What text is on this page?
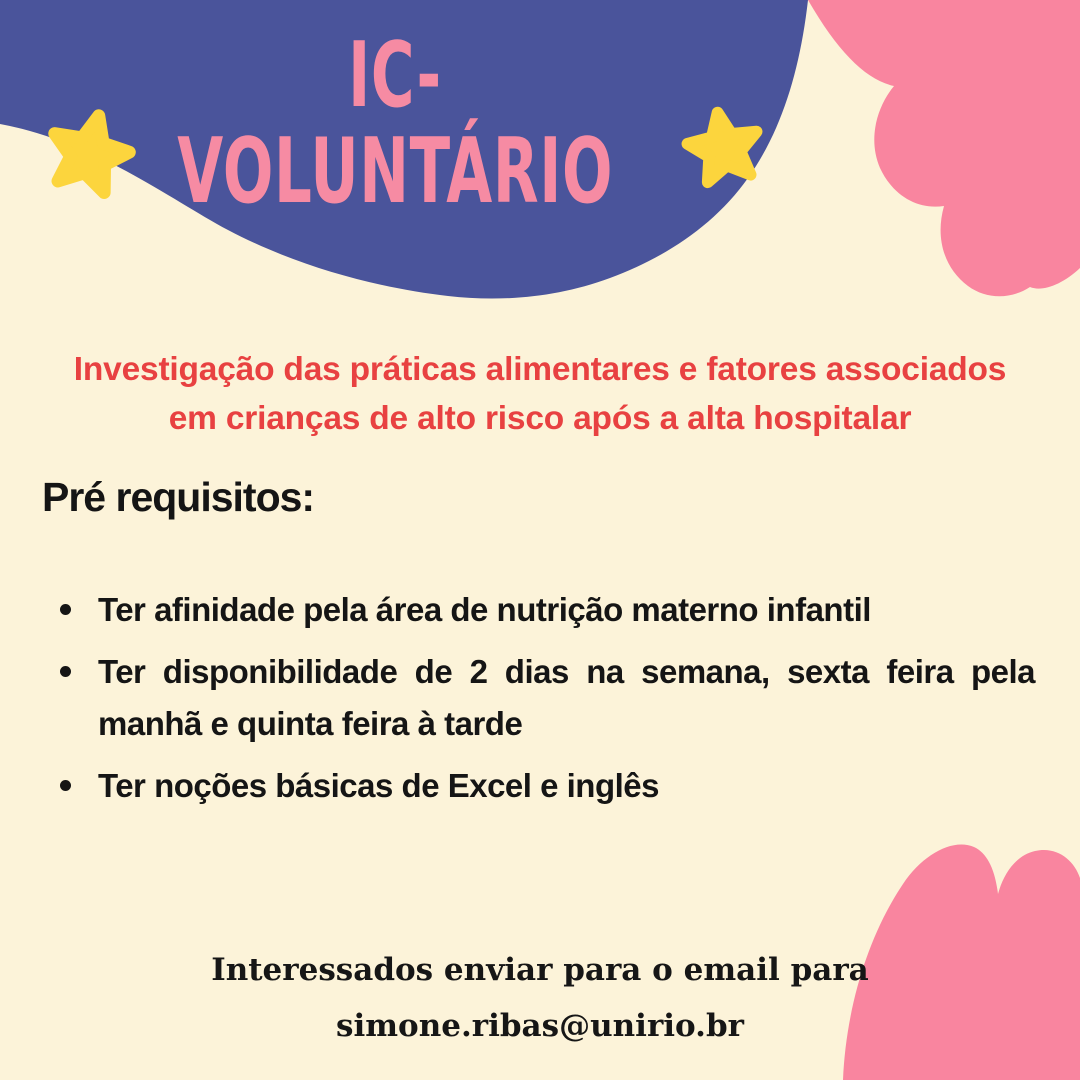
IC-
VOLUNTÁRIO
Investigação das práticas alimentares e fatores associados
em crianças de alto risco após a alta hospitalar
Pré requisitos:
Ter afinidade pela área de nutrição materno infantil
Ter disponibilidade de 2 dias na semana, sexta feira pela manhã e quinta feira à tarde
Ter noções básicas de Excel e inglês
Interessados enviar para o email para
simone.ribas@unirio.br
